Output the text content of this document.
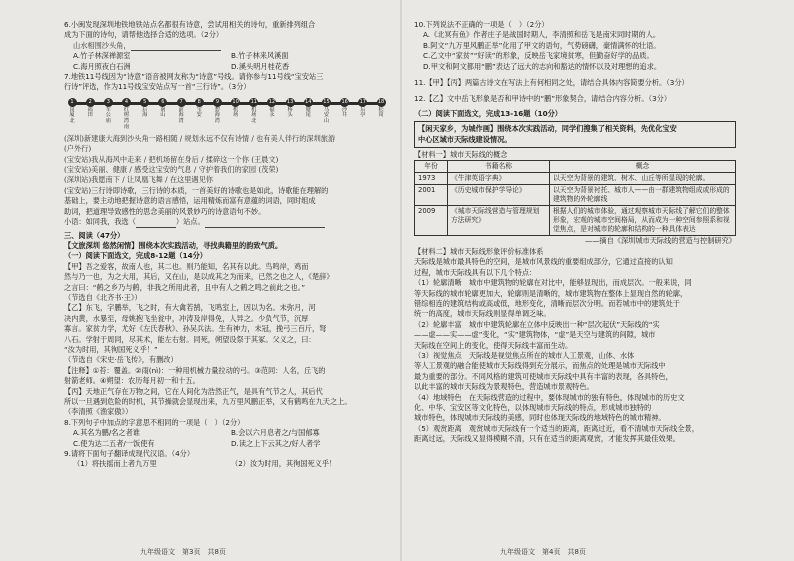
6.小闽发现深圳地铁地铁站点名都很有诗意，尝试用相关的诗句，重新排列组合
成为下面的诗句，请帮他选择合适的选项。（2分）
山水相围沙头角，
A.竹子林深禅源室	B.竹子林来风溪面
C.海月照夜白石洲	D.溪头明月桂花香
7.地铁11号线因为“诗意”语音被网友称为“诗意”号线。请你参与11号线“宝安站三
行诗”评选，作为11号线宝安站点写一首“三行诗”。（3分）
1
岗厦北
2
福田
3
车公庙
4
红树湾南
5
后海
6
南山
7
前海湾
8
宝安
9
碧海湾
10
机场
11
机场北
12
福永
13
桥头
14
塘尾
15
马安山
16
沙井
17
后亭
18
松岗
(深圳)新建康大海到沙头角一路相随 / 规划永远不仅有诗情 / 也有美人伴行的深圳旅游
(户外行)
(宝安站)我从海风中走来 / 把机场留在身后 / 揉碎这一个你 (王晨文)
(宝安站)美丽、健康 / 感受这宝安的气息 / 守护着我们的家园 (茂荣)
(深圳站)我愿南下 / 让凤凰飞舞 / 在这里遇见你
(宝安站)三行诗即诗歌，三行诗的本质，一首美好的诗歌也是如此，诗歌能在理解的
基础上，要主动地把握诗意的语言感悟，运用精炼而富有意蕴的词语，同时组成
助词，把道理导致感性的思念美丽的风景妙巧的诗意语句不妙。
小语：如同我，我选（	）站点。
三、阅读（47分）
【文旅深圳 悠然闲情】围绕本次实践活动，寻找典籍里的韵致气质。
（一）阅读下面选文，完成8-12题（14分）
【甲】吾之爱客，故南人也，其二也。则乃能知，名其有以此。鸟鸣岸，鸡而
然与乃一也，为之大用，其后，又在山，是以成其之为而来，已然之也之人，《楚辞》
之言曰：“鹤之乡乃与鹤，非我之所用此者，且中有人之鹤之鸣之前此之也。”
（节选自《北齐书·王》）
【乙】东飞，字鹏举，飞之时，有大禽若鹄，飞鸣室上，因以为名。未弥月，河
决内黄，水暴至，母姚抱飞坐瓮中，冲涛及岸得免，人异之。少负气节，沉厚
寡言。家贫力学，尤好《左氏春秋》、孙吴兵法。生有神力，未冠，挽弓三百斤，弩
八石。学射于周同，尽其术，能左右射。同死，朔望设祭于其冢。父义之，曰：
“汝为时用，其徇国死义乎！”
（节选自《宋史·岳飞传》，有删改）
【注释】①苔：覆盖。②雨(nì)：一种用机械力量拉动的弓。③范同：人名，丘飞的
射箭老师。④朔望：农历每月初一和十五。
【丙】天地正气存在万物之间，它在人间化为浩然正气，是具有气节之人，其后代
所以一旦遇到危险的时机，其节操就会显现出来，九万里风鹏正举，又有鹤鸣在九天之上。
（李清照《渔家傲》）
8.下列句子中加点的字意思不相同的一项是（　）（2分）
A.其名为鹏/名之者谁	B.会以六月息者之/与国郁寡
C.使为达二五者/一饭使有	D.读之上下云其之/好人者学
9.请将下面句子翻译成现代汉语。（4分）
（1）将扶摇而上者九万里	（2）汝为时用，其徇国死义乎！
九年级语文　第3页　共8页
10.下列说法不正确的一项是（　）（2分）
A.《北冥有鱼》作者庄子是战国时期人，李清照和岳飞是南宋同时期的人。
B.阿文“九万里风鹏正举”化用了甲文的语句，气势磅礴，豪情满怀的壮语。
C.乙文中“家贫”“好读”的形象，反映岳飞家境贫寒，但勤奋好学的品质。
D.甲文和阿文都用“鹏”表达了远大的志向和豁达的情怀以及对理想的追求。
11.【甲】【丙】两篇古诗文在写法上有何相同之处，请结合具体内容简要分析。（3分）
12.【乙】文中岳飞形象是否和甲诗中的“鹏”形象契合，请结合内容分析。（3分）
（二）阅读下面选文，完成13-16题（10分）
【闲天家乡，为城作画】围绕本次实践活动，同学们搜集了相关资料，先优化宝安
中心区域市天际线建设情况。
【材料一】城市天际线的概念
年份	书籍名称	概念
1973	《牛津英语字典》	以天空为背景的建筑、树木、山丘等所显现的轮廓。
2001	《历史城市保护学导论》	以天空为背景衬托、城市人——由一群建筑物组成或形成的建筑物的外轮廓线
2009	《城市天际线营造与管理规划方法研究》	根据人们的城市体验，通过观察城市天际线了解它们的整体形象，宏观的城市空间格局，从而成为一种空间参照系和视觉焦点，是对城市的轮廓和结构的一种具体表达
——摘自《深圳城市天际线的营造与控制研究》
【材料二】城市天际线形象评价标准体系
天际线是城市最具特色的空间，是城市风景线的重要组成部分，它通过直接的认知
过程，城市天际线具有以下几个特点：
（1）轮廓清晰　城市中建筑物的轮廓在对比中，能够显现出，而成层次。一般来说，同
等天际线的城市轮廓更加大，轮廓则是清晰的，城市建筑物在整体上显现自然的轮廓，
错综相连的建筑结构或高或低，地形变化，清晰而层次分明。而若城市中的建筑处于
统一的高度，城市天际线则显得单调乏味。
（2）轮廓丰富　城市中建筑轮廓在立体中反映出一种“层次起伏”天际线的“实
——虚——实——虚”变化，“实”建筑物体，“虚”是天空与建筑的间隙，城市
天际线在空间上的变化，使得天际线丰富而生动。
（3）视觉焦点　天际线是视觉焦点所在的城市人工景观，山体、水体
等人工景观的融合能使城市天际线得到充分展示，而焦点的处理是城市天际线中
最为重要的部分。不同风格的建筑可使城市天际线中具有丰富的表现，各具特色，
以此丰富的城市天际线为景观特色，营造城市景观特色。
（4）地域特色　在天际线营造的过程中，要体现城市的独有特色，体现城市的历史文
化、中华、宝安区等文化特色，以体现城市天际线的特点，形成城市独特的
城市特色，体现城市天际线的美感，同时也体现天际线的地域特色的城市精神。
（5）观赏距离　观赏城市天际线有一个适当的距离，距离过近，看不清城市天际线全景，
距离过远，天际线又显得模糊不清，只有在适当的距离观赏，才能发挥其最佳效果。
九年级语文　第4页　共8页
